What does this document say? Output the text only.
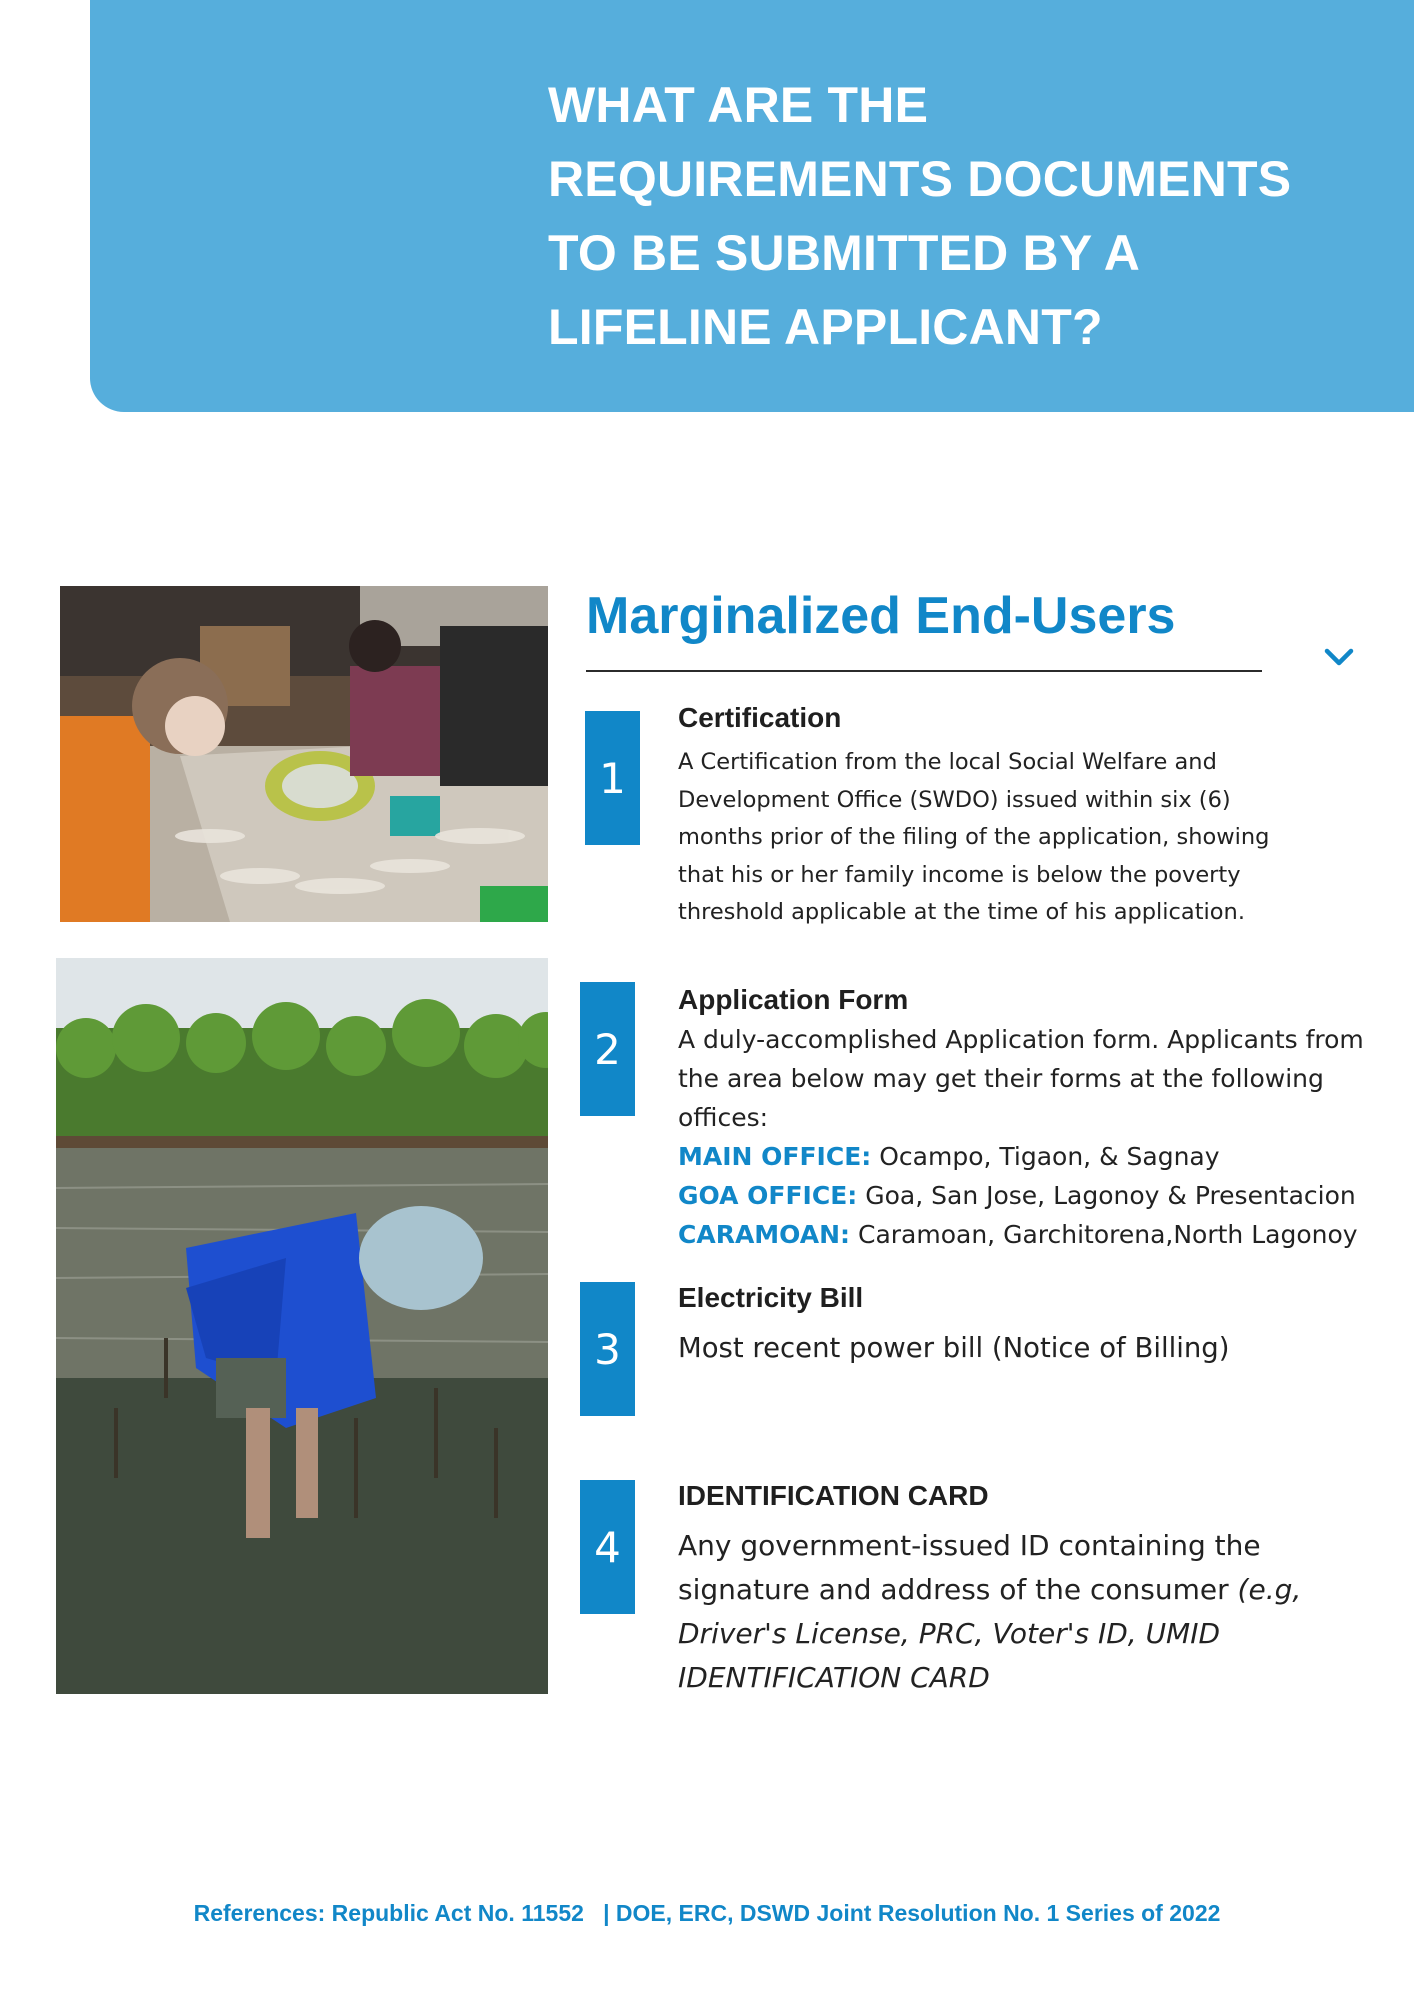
WHAT ARE THE
REQUIREMENTS DOCUMENTS
TO BE SUBMITTED BY A
LIFELINE APPLICANT?
Marginalized End-Users
1
Certification

A Certification from the local Social Welfare and Development Office (SWDO) issued within six (6) months prior of the filing of the application, showing that his or her family income is below the poverty threshold applicable at the time of his application.

2
Application Form
A duly-accomplished Application form. Applicants from the area below may get their forms at the following offices:
MAIN OFFICE: Ocampo, Tigaon, & Sagnay
GOA OFFICE: Goa, San Jose, Lagonoy & Presentacion
CARAMOAN: Caramoan, Garchitorena,North Lagonoy
3
Electricity Bill

Most recent power bill (Notice of Billing)

4
IDENTIFICATION CARD

Any government-issued ID containing the signature and address of the consumer (e.g, Driver's License, PRC, Voter's ID, UMID IDENTIFICATION CARD

References: Republic Act No. 11552   | DOE, ERC, DSWD Joint Resolution No. 1 Series of 2022
